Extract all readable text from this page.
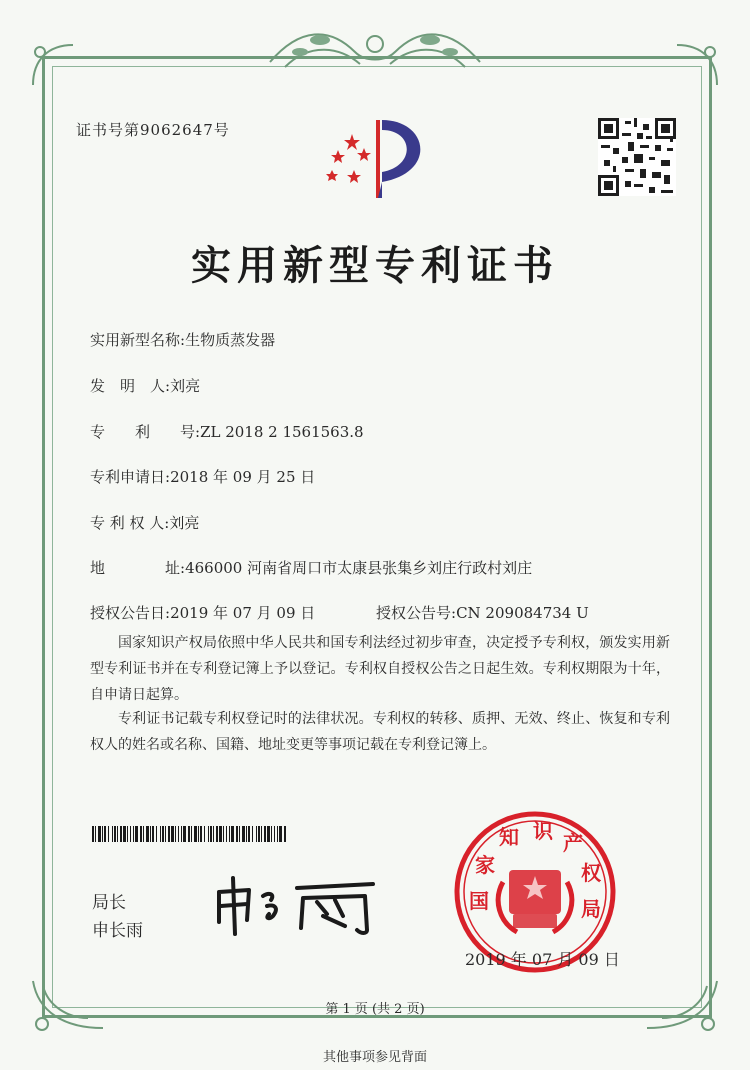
证书号第9062647号
实用新型专利证书
实用新型名称:生物质蒸发器
发　明　人:刘亮
专　　利　　号:ZL 2018 2 1561563.8
专利申请日:2018 年 09 月 25 日
专 利 权 人:刘亮
地　　　　址:466000 河南省周口市太康县张集乡刘庄行政村刘庄
授权公告日:2019 年 07 月 09 日	授权公告号:CN 209084734 U
国家知识产权局依照中华人民共和国专利法经过初步审查，决定授予专利权，颁发实用新型专利证书并在专利登记簿上予以登记。专利权自授权公告之日起生效。专利权期限为十年，自申请日起算。
专利证书记载专利权登记时的法律状况。专利权的转移、质押、无效、终止、恢复和专利权人的姓名或名称、国籍、地址变更等事项记载在专利登记簿上。
局长
申长雨
国
家
知 识 产
权
局
2019 年 07 月 09 日
第 1 页 (共 2 页)
其他事项参见背面
